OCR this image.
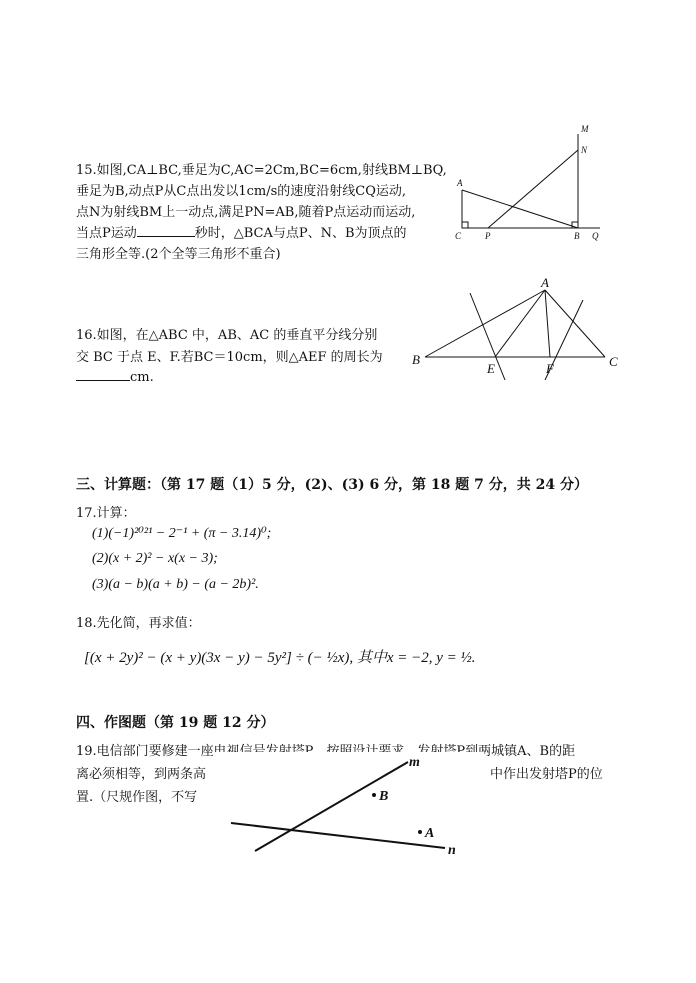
15.如图,CA⊥BC,垂足为C,AC=2Cm,BC=6cm,射线BM⊥BQ,
垂足为B,动点P从C点出发以1cm/s的速度沿射线CQ运动,
点N为射线BM上一动点,满足PN=AB,随着P点运动而运动,
当点P运动	秒时，△BCA与点P、N、B为顶点的
三角形全等.(2个全等三角形不重合)
M
N
A
C	P	B Q
16.如图，在△ABC 中，AB、AC 的垂直平分线分别
交 BC 于点 E、F.若BC＝10cm，则△AEF 的周长为
cm.
A
B	C
E	F
三、计算题：（第 17 题（1）5 分，(2)、(3) 6 分，第 18 题 7 分，共 24 分）
17.计算：
(1)(−1)²⁰²¹ − 2⁻¹ + (π − 3.14)⁰;
(2)(x + 2)² − x(x − 3);
(3)(a − b)(a + b) − (a − 2b)².
18.先化简，再求值：
[(x + 2y)² − (x + y)(3x − y) − 5y²] ÷ (− ½x), 其中x = −2, y = ½.
四、作图题（第 19 题 12 分）
19.电信部门要修建一座电视信号发射塔P，按照设计要求，发射塔P到两城镇A、B的距
离必须相等，到两条高	中作出发射塔P的位
置.（尺规作图，不写
m
n
B
A
